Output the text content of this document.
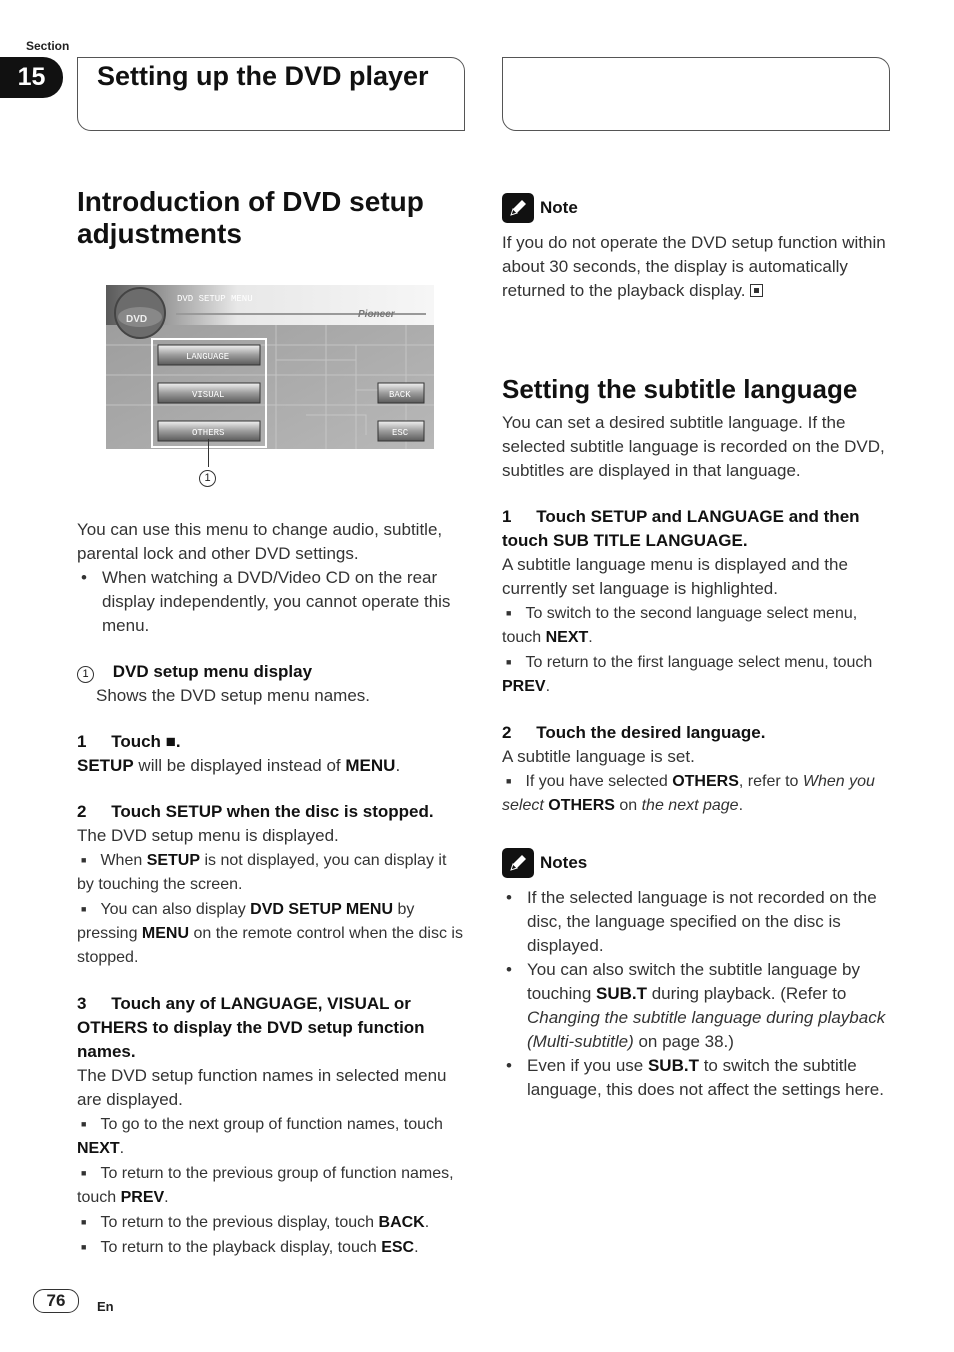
Section
15	Setting up the DVD player
Introduction of DVD setup adjustments
DVD
DVD SETUP MENU
Pioneer
LANGUAGE
VISUAL
OTHERS
BACK
ESC
1
You can use this menu to change audio, subtitle, parental lock and other DVD settings.
• When watching a DVD/Video CD on the rear display independently, you cannot operate this menu.
1 DVD setup menu display
Shows the DVD setup menu names.
1 Touch ■.
SETUP will be displayed instead of MENU.
2 Touch SETUP when the disc is stopped.
The DVD setup menu is displayed.
■ When SETUP is not displayed, you can display it by touching the screen.
■ You can also display DVD SETUP MENU by pressing MENU on the remote control when the disc is stopped.
3 Touch any of LANGUAGE, VISUAL or OTHERS to display the DVD setup function names.
The DVD setup function names in selected menu are displayed.
■ To go to the next group of function names, touch NEXT.
■ To return to the previous group of function names, touch PREV.
■ To return to the previous display, touch BACK.
■ To return to the playback display, touch ESC.
Note
If you do not operate the DVD setup function within about 30 seconds, the display is automatically returned to the playback display.
Setting the subtitle language
You can set a desired subtitle language. If the selected subtitle language is recorded on the DVD, subtitles are displayed in that language.
1 Touch SETUP and LANGUAGE and then touch SUB TITLE LANGUAGE.
A subtitle language menu is displayed and the currently set language is highlighted.
■ To switch to the second language select menu, touch NEXT.
■ To return to the first language select menu, touch PREV.
2 Touch the desired language.
A subtitle language is set.
■ If you have selected OTHERS, refer to When you select OTHERS on the next page.
Notes
• If the selected language is not recorded on the disc, the language specified on the disc is displayed.
• You can also switch the subtitle language by touching SUB.T during playback. (Refer to Changing the subtitle language during playback (Multi-subtitle) on page 38.)
• Even if you use SUB.T to switch the subtitle language, this does not affect the settings here.
76	En
